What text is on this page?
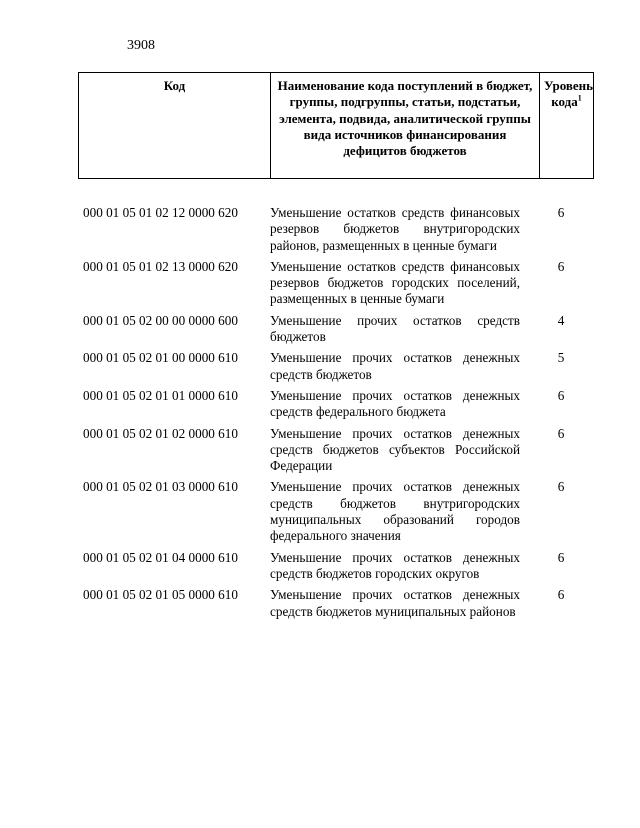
3908
Код	Наименование кода поступлений в бюджет, группы, подгруппы, статьи, подстатьи, элемента, подвида, аналитической группы вида источников финансирования дефицитов бюджетов	Уровень кода$^1$
000 01 05 01 02 12 0000 620	Уменьшение остатков средств финансовых резервов бюджетов внутригородских районов, размещенных в ценные бумаги	6
000 01 05 01 02 13 0000 620	Уменьшение остатков средств финансовых резервов бюджетов городских поселений, размещенных в ценные бумаги	6
000 01 05 02 00 00 0000 600	Уменьшение прочих остатков средств бюджетов	4
000 01 05 02 01 00 0000 610	Уменьшение прочих остатков денежных средств бюджетов	5
000 01 05 02 01 01 0000 610	Уменьшение прочих остатков денежных средств федерального бюджета	6
000 01 05 02 01 02 0000 610	Уменьшение прочих остатков денежных средств бюджетов субъектов Российской Федерации	6
000 01 05 02 01 03 0000 610	Уменьшение прочих остатков денежных средств бюджетов внутригородских муниципальных образований городов федерального значения	6
000 01 05 02 01 04 0000 610	Уменьшение прочих остатков денежных средств бюджетов городских округов	6
000 01 05 02 01 05 0000 610	Уменьшение прочих остатков денежных средств бюджетов муниципальных районов	6
